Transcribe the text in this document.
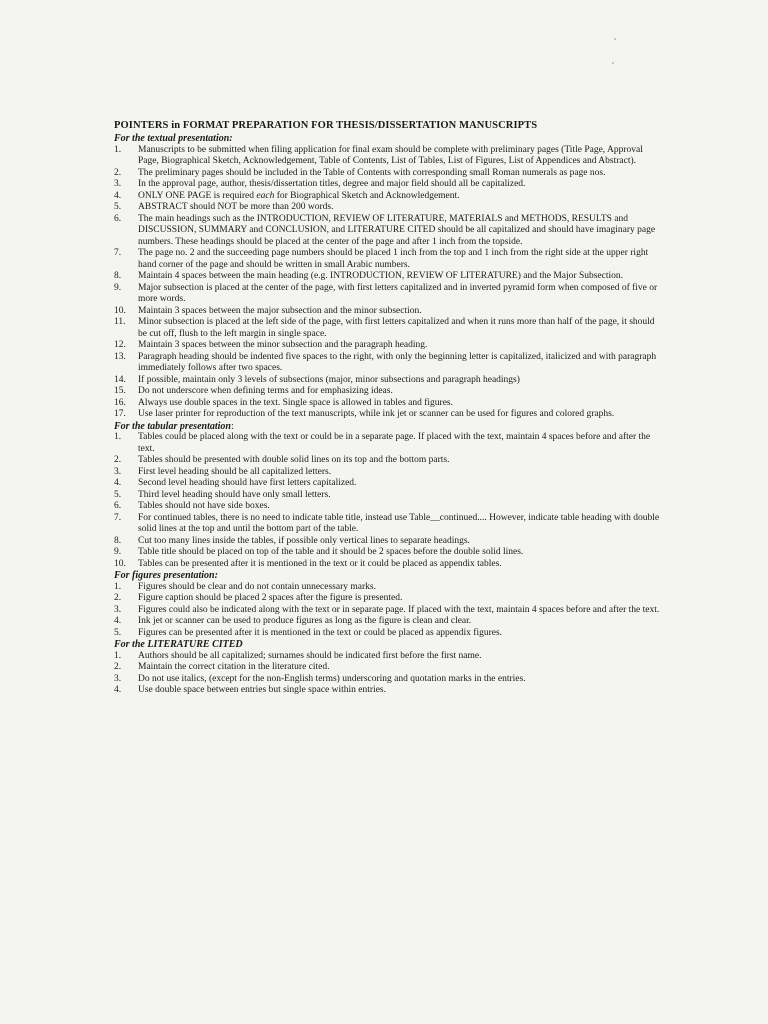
POINTERS in FORMAT PREPARATION FOR THESIS/DISSERTATION MANUSCRIPTS
For the textual presentation:
1.	Manuscripts to be submitted when filing application for final exam should be complete with preliminary pages (Title Page, Approval Page, Biographical Sketch, Acknowledgement, Table of Contents, List of Tables, List of Figures, List of Appendices and Abstract).
2.	The preliminary pages should be included in the Table of Contents with corresponding small Roman numerals as page nos.
3.	In the approval page, author, thesis/dissertation titles, degree and major field should all be capitalized.
4.	ONLY ONE PAGE is required each for Biographical Sketch and Acknowledgement.
5.	ABSTRACT should NOT be more than 200 words.
6.	The main headings such as the INTRODUCTION, REVIEW OF LITERATURE, MATERIALS and METHODS, RESULTS and DISCUSSION, SUMMARY and CONCLUSION, and LITERATURE CITED should be all capitalized and should have imaginary page numbers. These headings should be placed at the center of the page and after 1 inch from the topside.
7.	The page no. 2 and the succeeding page numbers should be placed 1 inch from the top and 1 inch from the right side at the upper right hand corner of the page and should be written in small Arabic numbers.
8.	Maintain 4 spaces between the main heading (e.g. INTRODUCTION, REVIEW OF LITERATURE) and the Major Subsection.
9.	Major subsection is placed at the center of the page, with first letters capitalized and in inverted pyramid form when composed of five or more words.
10.	Maintain 3 spaces between the major subsection and the minor subsection.
11.	Minor subsection is placed at the left side of the page, with first letters capitalized and when it runs more than half of the page, it should be cut off, flush to the left margin in single space.
12.	Maintain 3 spaces between the minor subsection and the paragraph heading.
13.	Paragraph heading should be indented five spaces to the right, with only the beginning letter is capitalized, italicized and with paragraph immediately follows after two spaces.
14.	If possible, maintain only 3 levels of subsections (major, minor subsections and paragraph headings)
15.	Do not underscore when defining terms and for emphasizing ideas.
16.	Always use double spaces in the text. Single space is allowed in tables and figures.
17.	Use laser printer for reproduction of the text manuscripts, while ink jet or scanner can be used for figures and colored graphs.
For the tabular presentation:
1.	Tables could be placed along with the text or could be in a separate page. If placed with the text, maintain 4 spaces before and after the text.
2.	Tables should be presented with double solid lines on its top and the bottom parts.
3.	First level heading should be all capitalized letters.
4.	Second level heading should have first letters capitalized.
5.	Third level heading should have only small letters.
6.	Tables should not have side boxes.
7.	For continued tables, there is no need to indicate table title, instead use Table__continued.... However, indicate table heading with double solid lines at the top and until the bottom part of the table.
8.	Cut too many lines inside the tables, if possible only vertical lines to separate headings.
9.	Table title should be placed on top of the table and it should be 2 spaces before the double solid lines.
10.	Tables can be presented after it is mentioned in the text or it could be placed as appendix tables.
For figures presentation:
1.	Figures should be clear and do not contain unnecessary marks.
2.	Figure caption should be placed 2 spaces after the figure is presented.
3.	Figures could also be indicated along with the text or in separate page. If placed with the text, maintain 4 spaces before and after the text.
4.	Ink jet or scanner can be used to produce figures as long as the figure is clean and clear.
5.	Figures can be presented after it is mentioned in the text or could be placed as appendix figures.
For the LITERATURE CITED
1.	Authors should be all capitalized; surnames should be indicated first before the first name.
2.	Maintain the correct citation in the literature cited.
3.	Do not use italics, (except for the non-English terms) underscoring and quotation marks in the entries.
4.	Use double space between entries but single space within entries.
